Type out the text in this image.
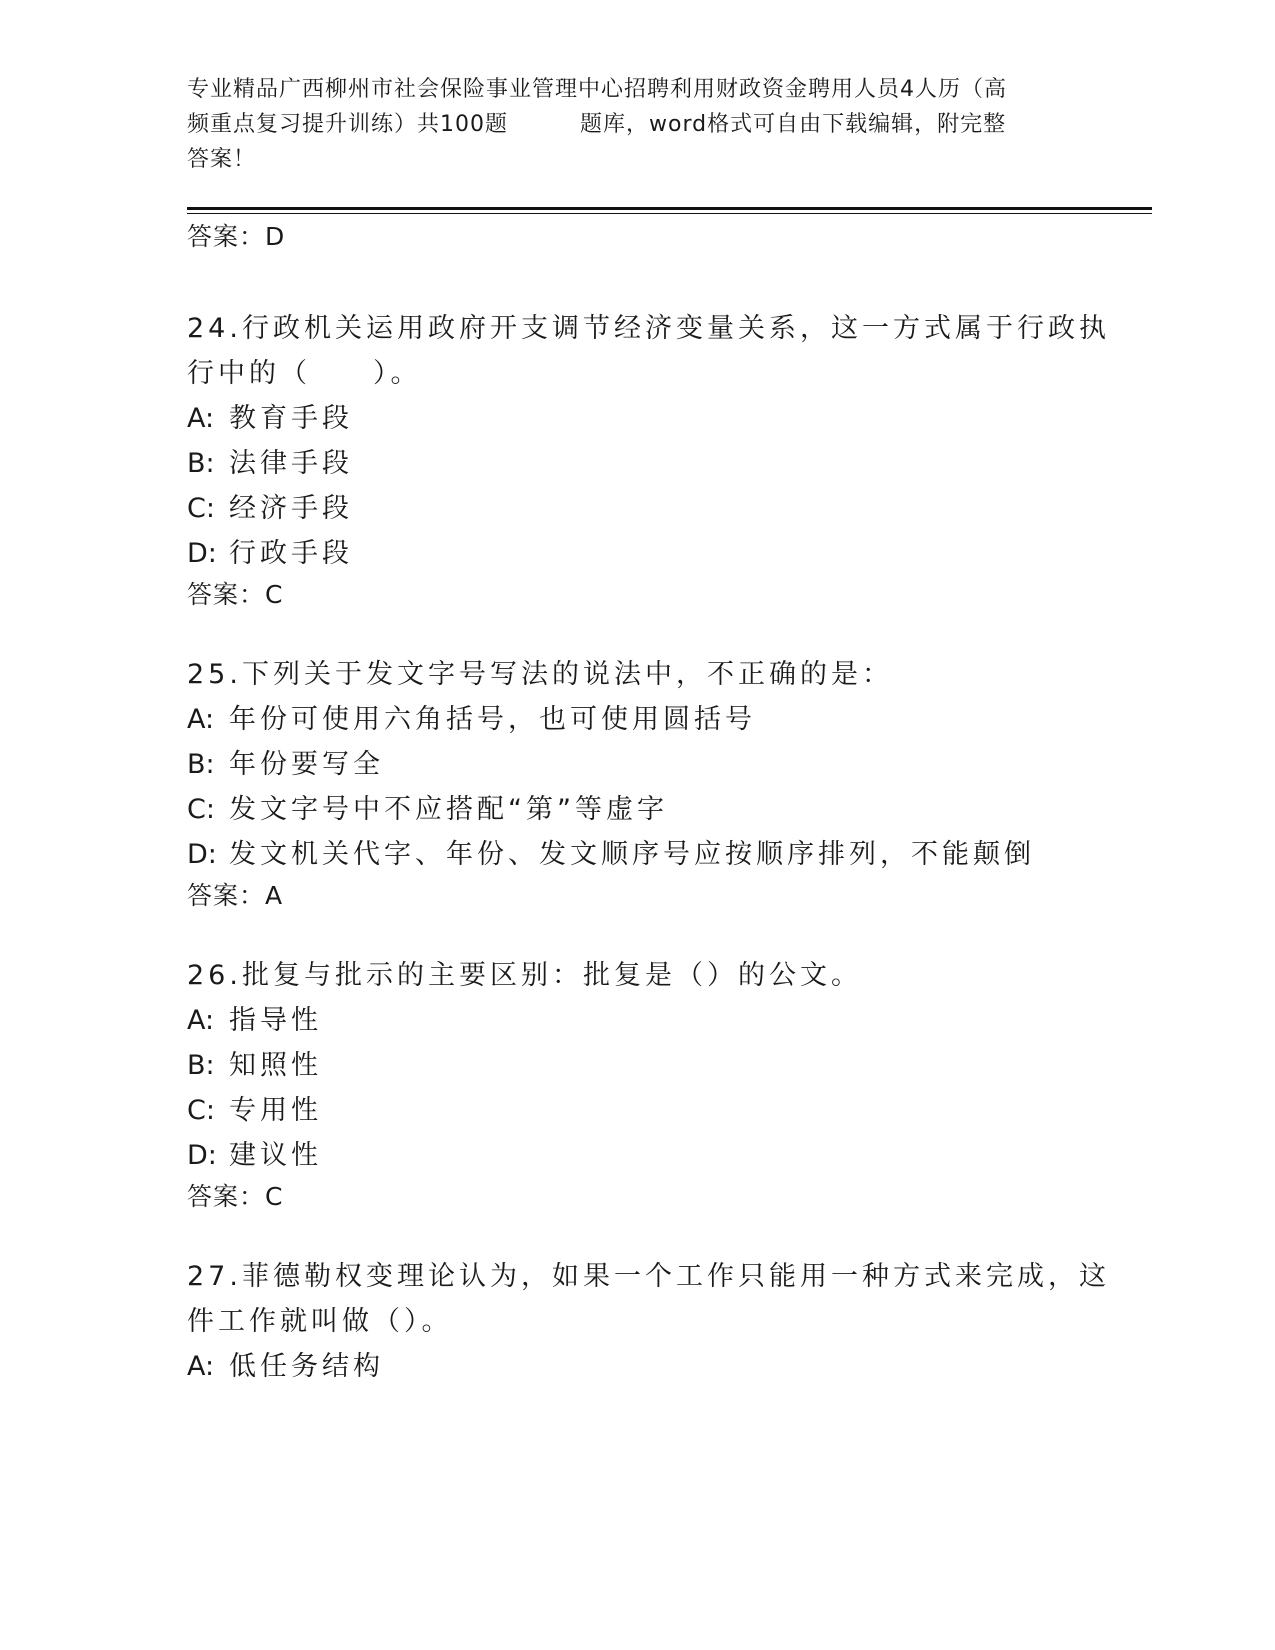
专业精品广西柳州市社会保险事业管理中心招聘利用财政资金聘用人员4人历（高
频重点复习提升训练）共100题	题库，word格式可自由下载编辑，附完整
答案！
答案：D
24.行政机关运用政府开支调节经济变量关系，这一方式属于行政执行中的（　　）。
A: 教育手段
B: 法律手段
C: 经济手段
D: 行政手段
答案：C
25.下列关于发文字号写法的说法中，不正确的是：
A: 年份可使用六角括号，也可使用圆括号
B: 年份要写全
C: 发文字号中不应搭配“第”等虚字
D: 发文机关代字、年份、发文顺序号应按顺序排列，不能颠倒
答案：A
26.批复与批示的主要区别：批复是（）的公文。
A: 指导性
B: 知照性
C: 专用性
D: 建议性
答案：C
27.菲德勒权变理论认为，如果一个工作只能用一种方式来完成，这件工作就叫做（）。
A: 低任务结构
